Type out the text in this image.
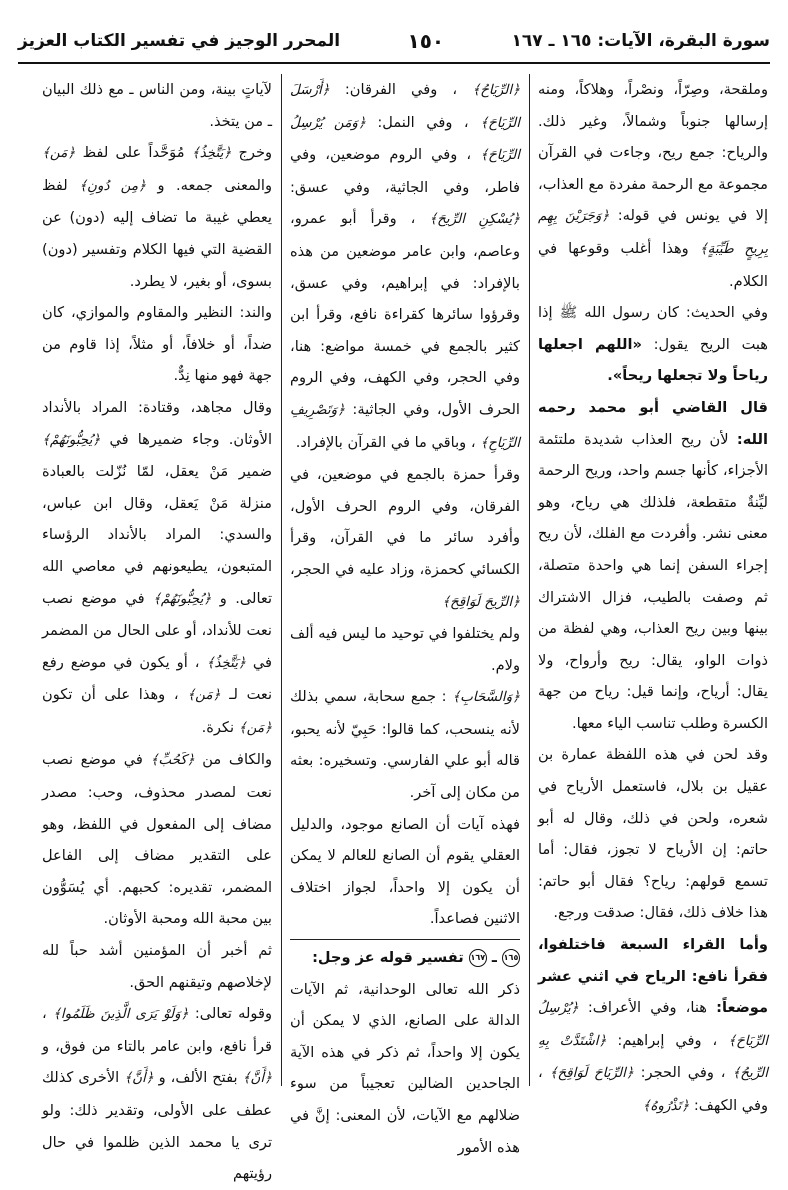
سورة البقرة، الآيات: ١٦٥ ـ ١٦٧
١٥٠
المحرر الوجيز في تفسير الكتاب العزيز

وملقحة، وصِرّاً، ونصْراً، وهلاكاً، ومنه إرسالها جنوباً وشمالاً، وغير ذلك. والرياح: جمع ريح، وجاءت في القرآن مجموعة مع الرحمة مفردة مع العذاب، إلا في يونس في قوله: ﴿وَجَرَيْنَ بِهِم بِرِيحٍ طَيِّبَةٍ﴾ وهذا أغلب وقوعها في الكلام.

وفي الحديث: كان رسول الله ﷺ إذا هبت الريح يقول: «اللهم اجعلها رياحاً ولا تجعلها ريحاً».

قال القاضي أبو محمد رحمه الله: لأن ريح العذاب شديدة ملتئمة الأجزاء، كأنها جسم واحد، وريح الرحمة ليِّنةٌ متقطعة، فلذلك هي رياح، وهو معنى نشر. وأفردت مع الفلك، لأن ريح إجراء السفن إنما هي واحدة متصلة، ثم وصفت بالطيب، فزال الاشتراك بينها وبين ريح العذاب، وهي لفظة من ذوات الواو، يقال: ريح وأرواح، ولا يقال: أرياح، وإنما قيل: رياح من جهة الكسرة وطلب تناسب الياء معها.

وقد لحن في هذه اللفظة عمارة بن عقيل بن بلال، فاستعمل الأرياح في شعره، ولحن في ذلك، وقال له أبو حاتم: إن الأرياح لا تجوز، فقال: أما تسمع قولهم: رياح؟ فقال أبو حاتم: هذا خلاف ذلك، فقال: صدقت ورجع.

وأما القراء السبعة فاختلفوا، فقرأ نافع: الرياح في اثني عشر موضعاً: هنا، وفي الأعراف: ﴿يُرْسِلُ الرِّيَاحَ﴾ ، وفي إبراهيم: ﴿اشْتَدَّتْ بِهِ الرِّيحُ﴾ ، وفي الحجر: ﴿الرِّيَاحَ لَوَاقِحَ﴾ ، وفي الكهف: ﴿تَذْرُوهُ﴾

﴿الرِّيَاحُ﴾ ، وفي الفرقان: ﴿أَرْسَلَ الرِّيَاحَ﴾ ، وفي النمل: ﴿وَمَن يُرْسِلُ الرِّيَاحَ﴾ ، وفي الروم موضعين، وفي فاطر، وفي الجاثية، وفي عسق: ﴿يُسْكِنِ الرِّيحَ﴾ ، وقرأ أبو عمرو، وعاصم، وابن عامر موضعين من هذه بالإفراد: في إبراهيم، وفي عسق، وقرؤوا سائرها كقراءة نافع، وقرأ ابن كثير بالجمع في خمسة مواضع: هنا، وفي الحجر، وفي الكهف، وفي الروم الحرف الأول، وفي الجاثية: ﴿وَتَصْرِيفِ الرِّيَاحِ﴾ ، وباقي ما في القرآن بالإفراد.

وقرأ حمزة بالجمع في موضعين، في الفرقان، وفي الروم الحرف الأول، وأفرد سائر ما في القرآن، وقرأ الكسائي كحمزة، وزاد عليه في الحجر، ﴿الرِّيحَ لَوَاقِحَ﴾

ولم يختلفوا في توحيد ما ليس فيه ألف ولام.

﴿وَالسَّحَابِ﴾ : جمع سحابة، سمي بذلك لأنه ينسحب، كما قالوا: حَبِيّ لأنه يحبو، قاله أبو علي الفارسي. وتسخيره: بعثه من مكان إلى آخر.

فهذه آيات أن الصانع موجود، والدليل العقلي يقوم أن الصانع للعالم لا يمكن أن يكون إلا واحداً، لجواز اختلاف الاثنين فصاعداً.

١٦٥ ـ ١٦٧ تفسير قوله عز وجل:

ذكر الله تعالى الوحدانية، ثم الآيات الدالة على الصانع، الذي لا يمكن أن يكون إلا واحداً، ثم ذكر في هذه الآية الجاحدين الضالين تعجيباً من سوء ضلالهم مع الآيات، لأن المعنى: إنَّ في هذه الأمور

لآياتٍ بينة، ومن الناس ـ مع ذلك البيان ـ من يتخذ.

وخرج ﴿يَتَّخِذُ﴾ مُوَحَّداً على لفظ ﴿مَن﴾ والمعنى جمعه. و ﴿مِن دُونِ﴾ لفظ يعطي غيبة ما تضاف إليه (دون) عن القضية التي فيها الكلام وتفسير (دون) بسوى، أو بغير، لا يطرد.

والند: النظير والمقاوم والموازي، كان ضداً، أو خلافاً، أو مثلاً، إذا قاوم من جهة فهو منها نِدٌّ.

وقال مجاهد، وقتادة: المراد بالأنداد الأوثان. وجاء ضميرها في ﴿يُحِبُّونَهُمْ﴾ ضمير مَنْ يعقل، لمّا نُزّلت بالعبادة منزلة مَنْ يَعقل، وقال ابن عباس، والسدي: المراد بالأنداد الرؤساء المتبعون، يطيعونهم في معاصي الله تعالى. و ﴿يُحِبُّونَهُمْ﴾ في موضع نصب نعت للأنداد، أو على الحال من المضمر في ﴿يَتَّخِذُ﴾ ، أو يكون في موضع رفع نعت لـ ﴿مَن﴾ ، وهذا على أن تكون ﴿مَن﴾ نكرة.

والكاف من ﴿كَحُبِّ﴾ في موضع نصب نعت لمصدر محذوف، وحب: مصدر مضاف إلى المفعول في اللفظ، وهو على التقدير مضاف إلى الفاعل المضمر، تقديره: كحبهم. أي يُسَوُّون بين محبة الله ومحبة الأوثان.

ثم أخبر أن المؤمنين أشد حباً لله لإخلاصهم وتيقنهم الحق.

وقوله تعالى: ﴿وَلَوْ يَرَى الَّذِينَ ظَلَمُوا﴾ ، قرأ نافع، وابن عامر بالتاء من فوق، و ﴿أَنَّ﴾ بفتح الألف، و ﴿أَنَّ﴾ الأخرى كذلك عطف على الأولى، وتقدير ذلك: ولو ترى يا محمد الذين ظلموا في حال رؤيتهم
